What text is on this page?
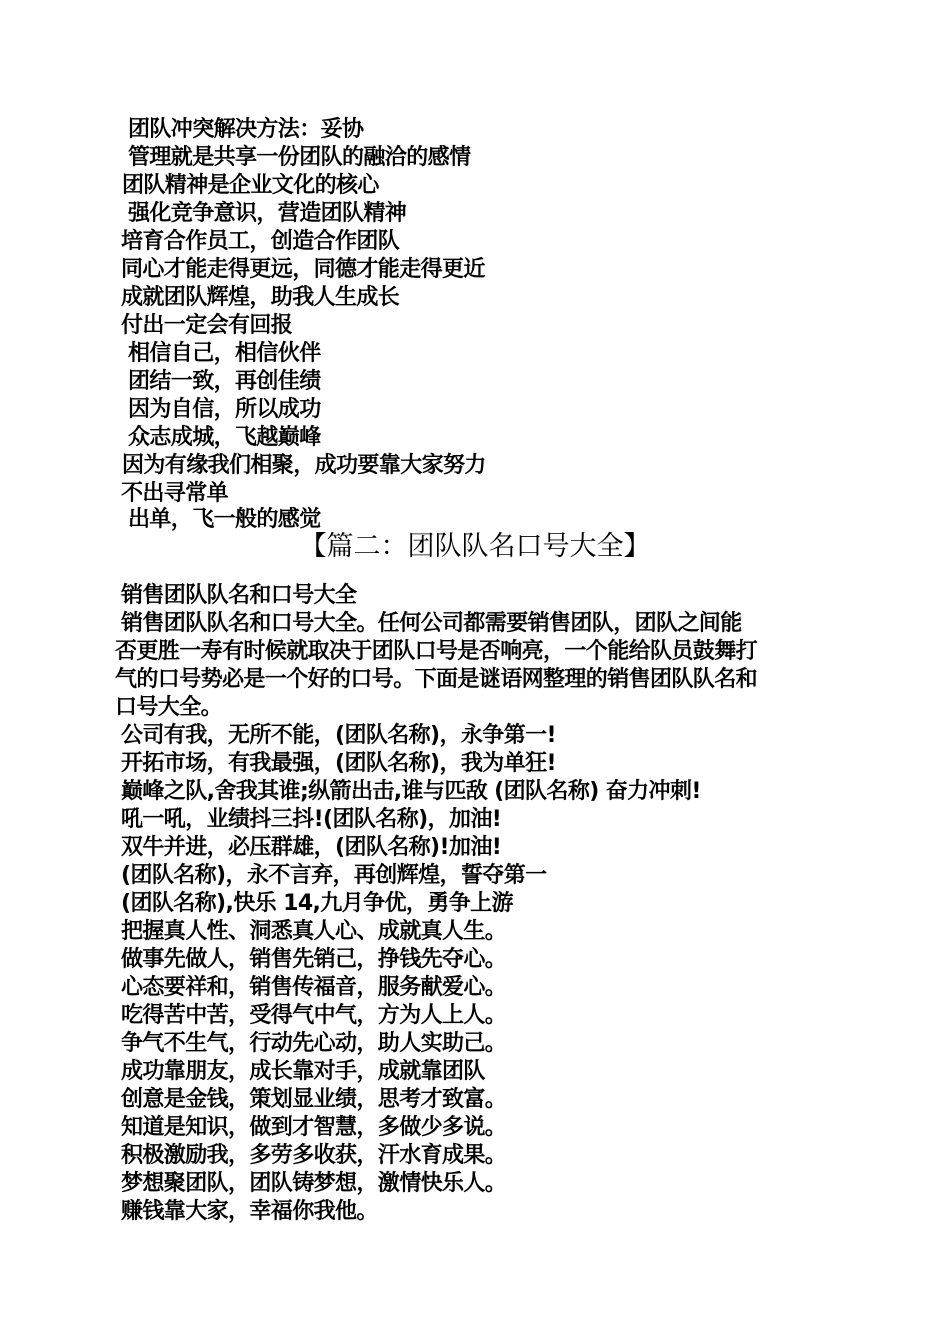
团队冲突解决方法：妥协
管理就是共享一份团队的融洽的感情
团队精神是企业文化的核心
强化竞争意识，营造团队精神
培育合作员工，创造合作团队
同心才能走得更远，同德才能走得更近
成就团队辉煌，助我人生成长
付出一定会有回报
相信自己，相信伙伴
团结一致，再创佳绩
因为自信，所以成功
众志成城，飞越巅峰
因为有缘我们相聚，成功要靠大家努力
不出寻常单
出单，飞一般的感觉
【篇二：团队队名口号大全】
销售团队队名和口号大全
销售团队队名和口号大全。任何公司都需要销售团队，团队之间能
否更胜一寿有时候就取决于团队口号是否响亮，一个能给队员鼓舞打
气的口号势必是一个好的口号。下面是谜语网整理的销售团队队名和
口号大全。
公司有我，无所不能，(团队名称)，永争第一!
开拓市场，有我最强，(团队名称)，我为单狂!
巅峰之队,舍我其谁;纵箭出击,谁与匹敌 (团队名称) 奋力冲刺!
吼一吼，业绩抖三抖!(团队名称)，加油!
双牛并进，必压群雄，(团队名称)!加油!
(团队名称)，永不言弃，再创辉煌，誓夺第一
(团队名称),快乐 14,九月争优，勇争上游
把握真人性、洞悉真人心、成就真人生。
做事先做人，销售先销己，挣钱先夺心。
心态要祥和，销售传福音，服务献爱心。
吃得苦中苦，受得气中气，方为人上人。
争气不生气，行动先心动，助人实助己。
成功靠朋友，成长靠对手，成就靠团队
创意是金钱，策划显业绩，思考才致富。
知道是知识，做到才智慧，多做少多说。
积极激励我，多劳多收获，汗水育成果。
梦想聚团队，团队铸梦想，激情快乐人。
赚钱靠大家，幸福你我他。
